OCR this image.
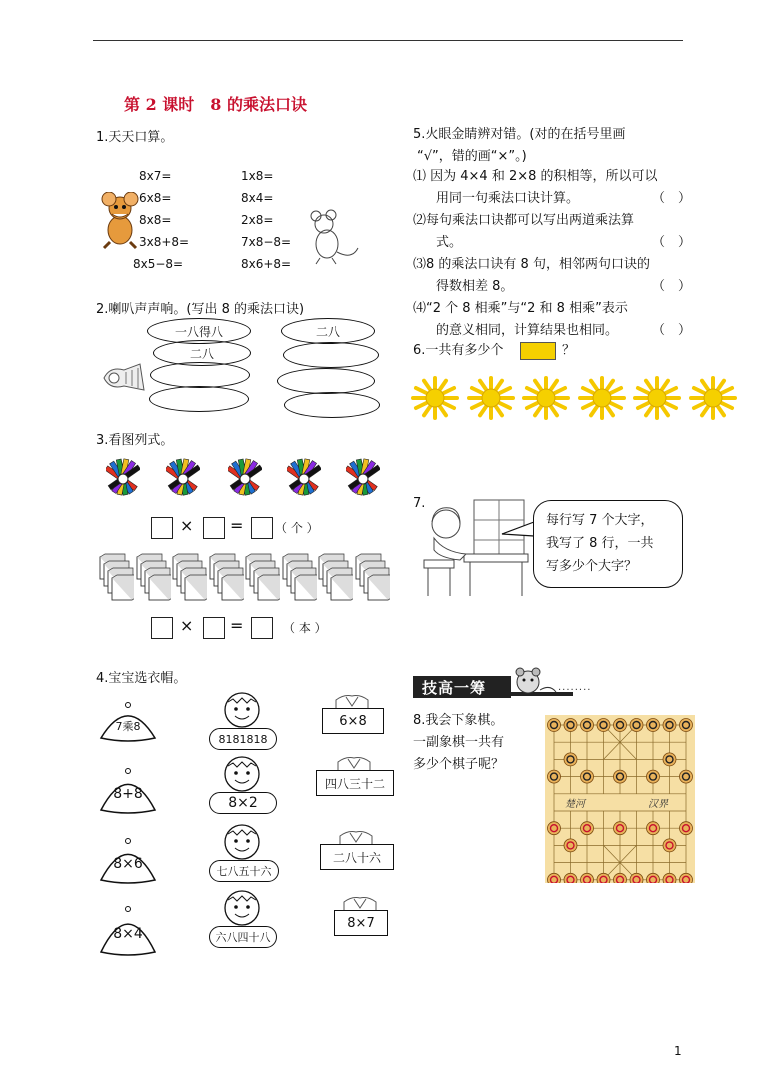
第 2 课时　8 的乘法口诀
1.天天口算。
8x7=
6x8=
8x8=
3x8+8=
8x5−8=
1x8=
8x4=
2x8=
7x8−8=
8x6+8=
2.喇叭声声响。(写出 8 的乘法口诀)
一八得八	二八
二八
3.看图列式。
× =	（ 个 ）
× =	（ 本 ）
4.宝宝选衣帽。
7乘8
8+8
8×6
8×4
8181818
8×2
七八五十六
六八四十八
6×8
四八三十二
二八十六
8×7
5.火眼金睛辨对错。(对的在括号里画
“√”，错的画“×”。)
⑴ 因为 4×4 和 2×8 的积相等，所以可以
用同一句乘法口诀计算。	（　）
⑵每句乘法口诀都可以写出两道乘法算
式。	（　）
⑶8 的乘法口诀有 8 句，相邻两句口诀的
得数相差 8。	（　）
⑷“2 个 8 相乘”与“2 和 8 相乘”表示
的意义相同，计算结果也相同。	（　）
6.一共有多少个	？
7.
每行写 7 个大字，
我写了 8 行，一共
写多少个大字？
技高一筹	········
8.我会下象棋。
一副象棋一共有
多少个棋子呢？
楚河	汉界
1
